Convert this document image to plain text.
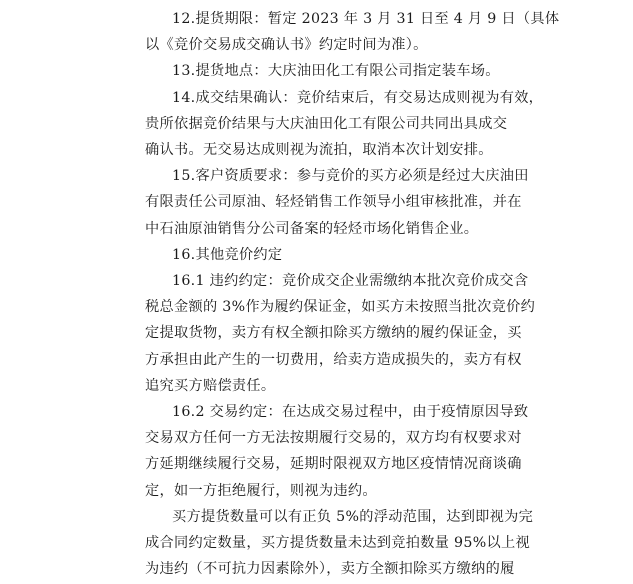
12.提货期限：暂定 2023 年 3 月 31 日至 4 月 9 日（具体
以《竞价交易成交确认书》约定时间为准）。
13.提货地点：大庆油田化工有限公司指定装车场。
14.成交结果确认：竞价结束后，有交易达成则视为有效，
贵所依据竞价结果与大庆油田化工有限公司共同出具成交
确认书。无交易达成则视为流拍，取消本次计划安排。
15.客户资质要求：参与竞价的买方必须是经过大庆油田
有限责任公司原油、轻烃销售工作领导小组审核批准，并在
中石油原油销售分公司备案的轻烃市场化销售企业。
16.其他竞价约定
16.1 违约约定：竞价成交企业需缴纳本批次竞价成交含
税总金额的 3%作为履约保证金，如买方未按照当批次竞价约
定提取货物，卖方有权全额扣除买方缴纳的履约保证金，买
方承担由此产生的一切费用，给卖方造成损失的，卖方有权
追究买方赔偿责任。
16.2 交易约定：在达成交易过程中，由于疫情原因导致
交易双方任何一方无法按期履行交易的，双方均有权要求对
方延期继续履行交易，延期时限视双方地区疫情情况商谈确
定，如一方拒绝履行，则视为违约。
买方提货数量可以有正负 5%的浮动范围，达到即视为完
成合同约定数量，买方提货数量未达到竞拍数量 95%以上视
为违约（不可抗力因素除外），卖方全额扣除买方缴纳的履
